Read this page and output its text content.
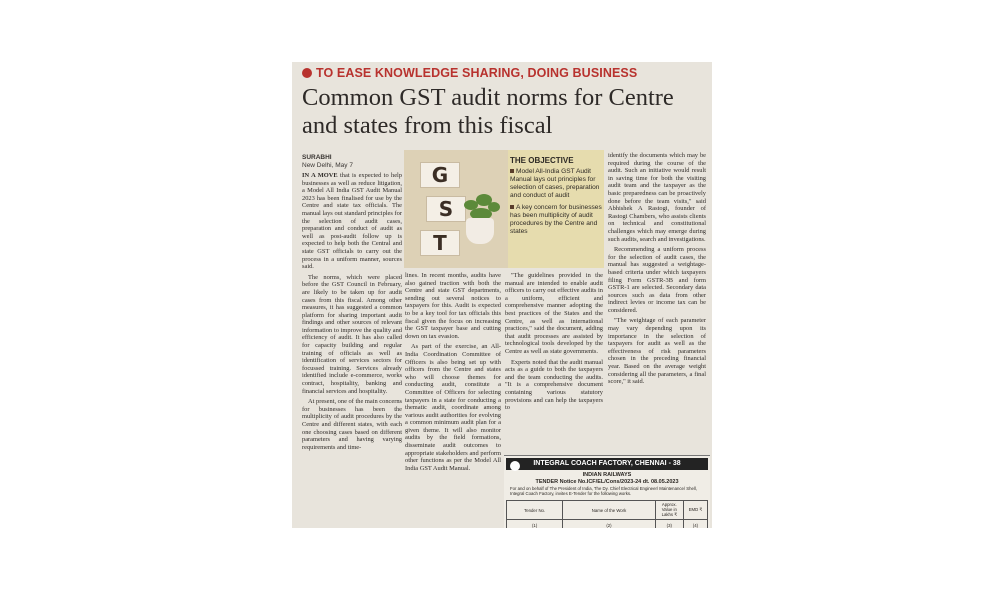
TO EASE KNOWLEDGE SHARING, DOING BUSINESS
Common GST audit norms for Centre and states from this fiscal
SURABHI
New Delhi, May 7

IN A MOVE that is expected to help businesses as well as reduce litigation, a Model All India GST Audit Manual 2023 has been finalised for use by the Centre and state tax officials. The manual lays out standard principles for the selection of audit cases, preparation and conduct of audit as well as post-audit follow up is expected to help both the Central and state GST officials to carry out the process in a uniform manner, sources said.

The norms, which were placed before the GST Council in February, are likely to be taken up for audit cases from this fiscal. Among other measures, it has suggested a common platform for sharing important audit findings and other sources of relevant information to improve the quality and efficiency of audit. It has also called for capacity building and regular training of officials as well as identification of services sectors for focussed training. Services already identified include e-commerce, works contract, hospitality, banking and financial services and hospitality.

At present, one of the main concerns for businesses has been the multiplicity of audit procedures by the Centre and different states, with each one choosing cases based on different parameters and having varying requirements and time-

G
S
T
THE OBJECTIVE
Model All-India GST Audit Manual lays out principles for selection of cases, preparation and conduct of audit
A key concern for businesses has been multiplicity of audit procedures by the Centre and states

lines. In recent months, audits have also gained traction with both the Centre and state GST departments, sending out several notices to taxpayers for this. Audit is expected to be a key tool for tax officials this fiscal given the focus on increasing the GST taxpayer base and cutting down on tax evasion.

As part of the exercise, an All-India Coordination Committee of Officers is also being set up with officers from the Centre and states who will choose themes for conducting audit, constitute a Committee of Officers for selecting taxpayers in a state for conducting a thematic audit, coordinate among various audit authorities for evolving a common minimum audit plan for a given theme. It will also monitor audits by the field formations, disseminate audit outcomes to appropriate stakeholders and perform other functions as per the Model All India GST Audit Manual.

"The guidelines provided in the manual are intended to enable audit officers to carry out effective audits in a uniform, efficient and comprehensive manner adopting the best practices of the States and the Centre, as well as international practices," said the document, adding that audit processes are assisted by technological tools developed by the Centre as well as state governments.

Experts noted that the audit manual acts as a guide to both the taxpayers and the team conducting the audits. "It is a comprehensive document containing various statutory provisions and can help the taxpayers to

identify the documents which may be required during the course of the audit. Such an initiative would result in saving time for both the visiting audit team and the taxpayer as the basic preparedness can be proactively done before the team visits," said Abhishek A Rastogi, founder of Rastogi Chambers, who assists clients on technical and constitutional challenges which may emerge during such audits, search and investigations.

Recommending a uniform process for the selection of audit cases, the manual has suggested a weightage-based criteria under which taxpayers filing Form GSTR-3B and form GSTR-1 are selected. Secondary data sources such as data from other indirect levies or income tax can be considered.

"The weightage of each parameter may vary depending upon its importance in the selection of taxpayers for audit as well as the effectiveness of risk parameters chosen in the preceding financial year. Based on the average weight considering all the parameters, a final score," it said.

INTEGRAL COACH FACTORY, CHENNAI - 38
INDIAN RAILWAYS
TENDER Notice No.ICF/EL/Cons/2023-24 dt. 08.05.2023
For and on behalf of The President of India, The Dy. Chief Electrical Engineer/ Maintenance/ Shell, Integral Coach Factory, invites E-Tender for the following works.
Tender No.	Name of the Work	Approx. Value in Lakhs ₹	EMD ₹
(1)	(2)	(3)	(4)
